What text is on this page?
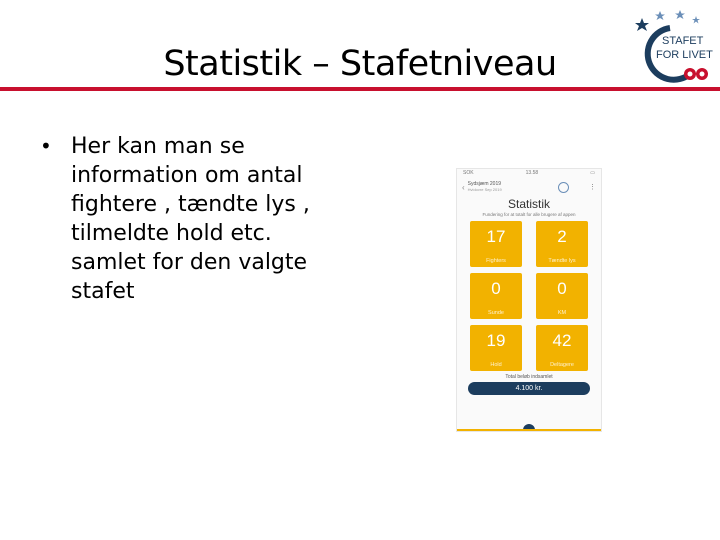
Statistik – Stafetniveau
STAFET
FOR LIVET
• Her kan man se information om antal fightere , tændte lys , tilmeldte hold etc. samlet for den valgte stafet
SOK	13.58	▭
‹ Sydsjæm 2019
Hvidovre Sep 2019	⋮
Statistik
Fundering for at totalt for alle brugere af appen
17
Fighters
2
Tændte lys
0
Sunde
0
KM
19
Hold
42
Deltagere
Total beløb indsamlet
4.100 kr.
